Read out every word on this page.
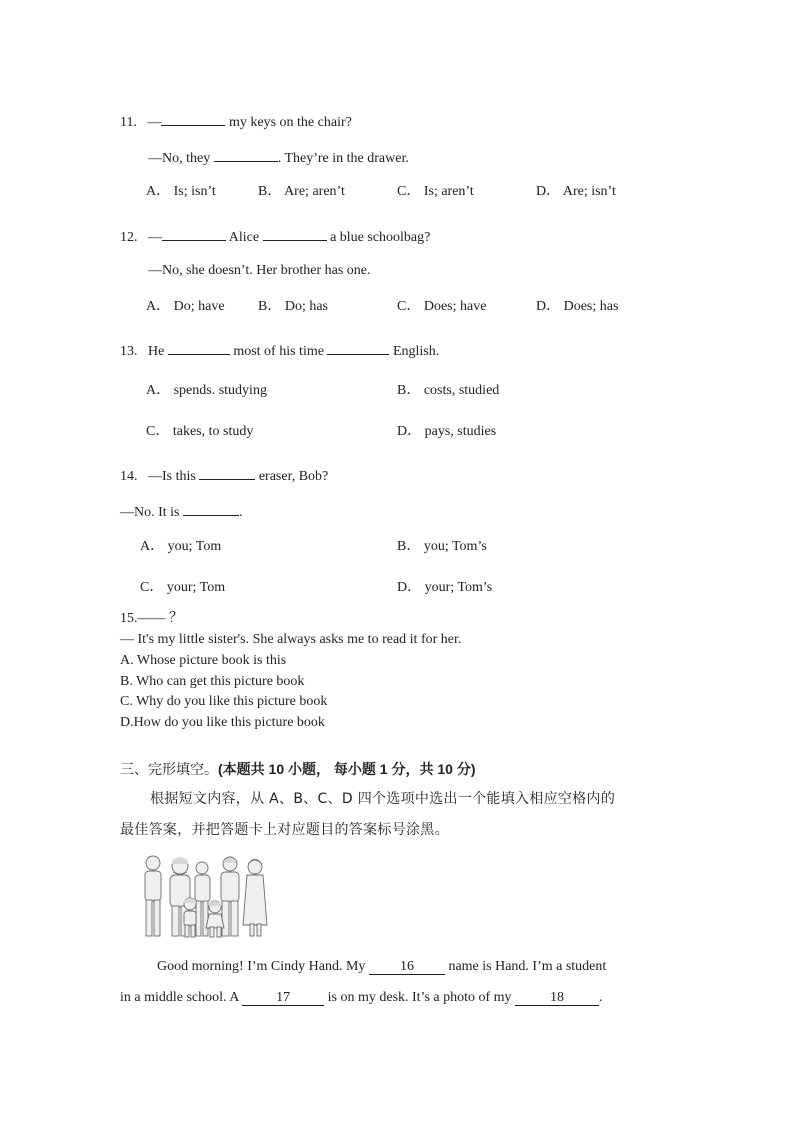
11. —	my keys on the chair?
—No, they	. They’re in the drawer.
A． Is; isn’t	B． Are; aren’t	C． Is; aren’t	D． Are; isn’t
12. —	Alice	a blue schoolbag?
—No, she doesn’t. Her brother has one.
A． Do; have B． Do; has	C． Does; have	D． Does; has
13. He	most of his time	English.
A． spends. studying	B． costs, studied
C． takes, to study	D． pays, studies
14. —Is this	eraser, Bob?
—No. It is	.
A． you; Tom	B． you; Tom’s
C． your; Tom	D． your; Tom’s
15.—— ？
— It's my little sister's. She always asks me to read it for her.
A. Whose picture book is this
B. Who can get this picture book
C. Why do you like this picture book
D.How do you like this picture book
三、完形填空。(本题共 10 小题， 每小题 1 分，共 10 分)
根据短文内容，从 A、B、C、D 四个选项中选出一个能填入相应空格内的
最佳答案，并把答题卡上对应题目的答案标号涂黑。
Good morning! I’m Cindy Hand. My 16 name is Hand. I’m a student
in a middle school. A	17	is on my desk. It’s a photo of my	18	.
